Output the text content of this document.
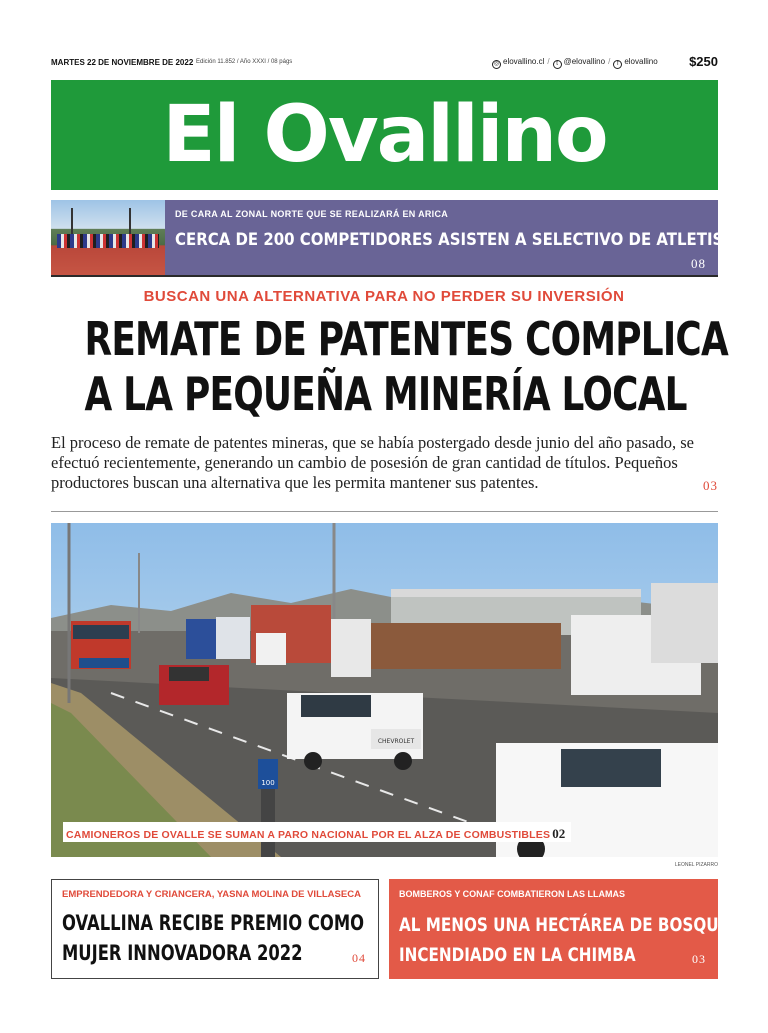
MARTES 22 DE NOVIEMBRE DE 2022 Edición 11.852 / Año XXXI / 08 págs	◎ elovallino.cl / t @elovallino / f elovallino $250
El Ovallino
DE CARA AL ZONAL NORTE QUE SE REALIZARÁ EN ARICA
CERCA DE 200 COMPETIDORES ASISTEN A SELECTIVO DE ATLETISMO
08
BUSCAN UNA ALTERNATIVA PARA NO PERDER SU INVERSIÓN
REMATE DE PATENTES COMPLICA
A LA PEQUEÑA MINERÍA LOCAL
El proceso de remate de patentes mineras, que se había postergado desde junio del año pasado, se efectuó recientemente, generando un cambio de posesión de gran cantidad de títulos. Pequeños productores buscan una alternativa que les permita mantener sus patentes.	03
CHEVROLET
100
CAMIONEROS DE OVALLE SE SUMAN A PARO NACIONAL POR EL ALZA DE COMBUSTIBLES 02
LEONEL PIZARRO
EMPRENDEDORA Y CRIANCERA, YASNA MOLINA DE VILLASECA
OVALLINA RECIBE PREMIO COMO
MUJER INNOVADORA 2022	04
BOMBEROS Y CONAF COMBATIERON LAS LLAMAS
AL MENOS UNA HECTÁREA DE BOSQUE
INCENDIADO EN LA CHIMBA	03
